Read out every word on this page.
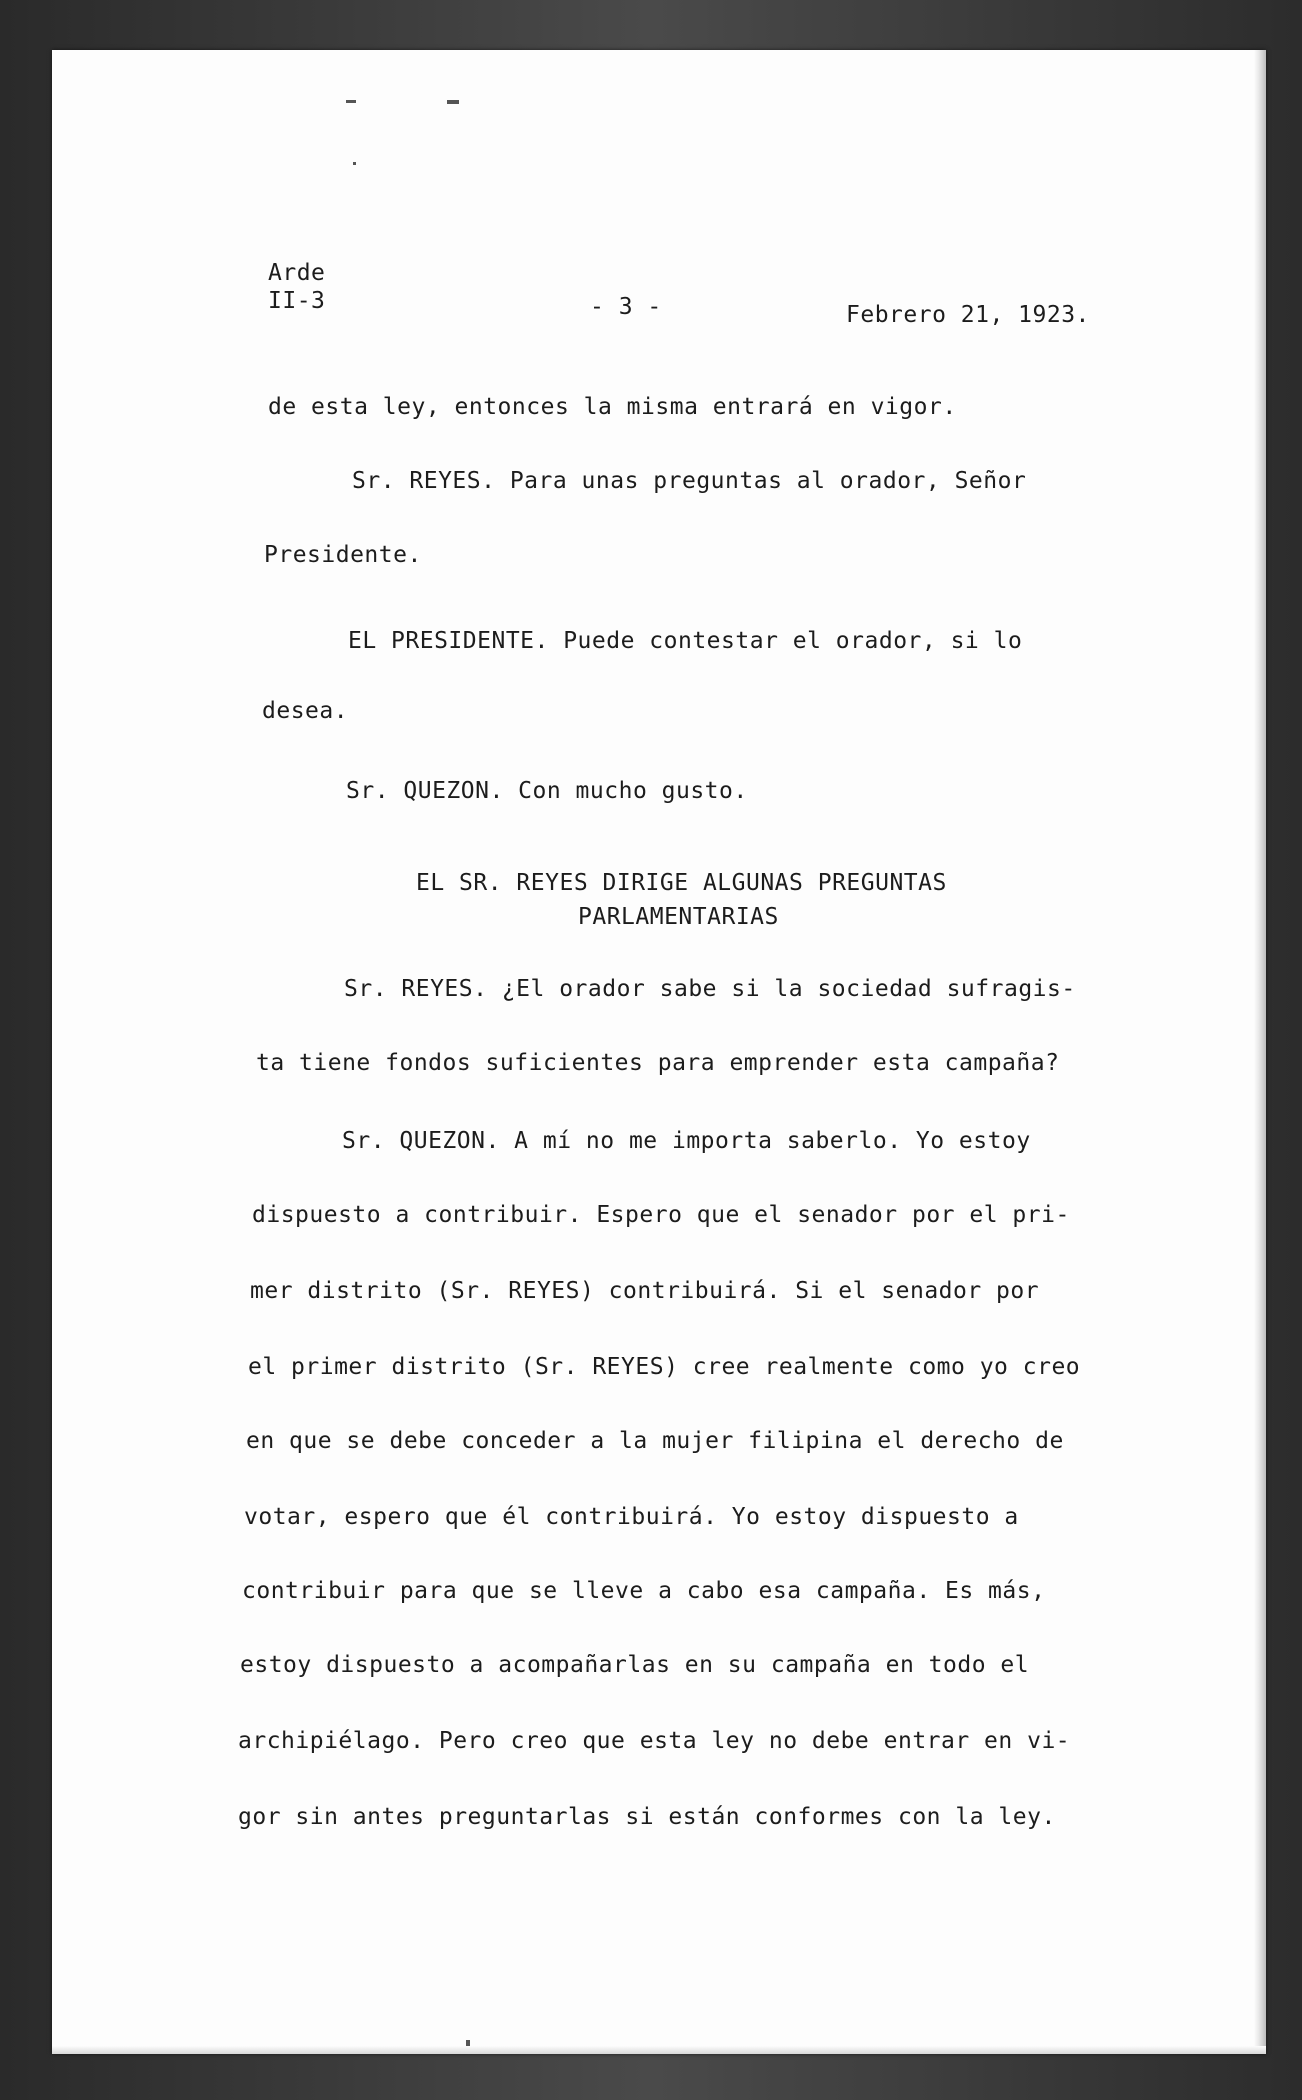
Arde
II-3	- 3 -	Febrero 21, 1923.
de esta ley, entonces la misma entrará en vigor.
Sr. REYES. Para unas preguntas al orador, Señor
Presidente.
EL PRESIDENTE. Puede contestar el orador, si lo
desea.
Sr. QUEZON. Con mucho gusto.
EL SR. REYES DIRIGE ALGUNAS PREGUNTAS
PARLAMENTARIAS
Sr. REYES. ¿El orador sabe si la sociedad sufragis-
ta tiene fondos suficientes para emprender esta campaña?
Sr. QUEZON. A mí no me importa saberlo. Yo estoy
dispuesto a contribuir. Espero que el senador por el pri-
mer distrito (Sr. REYES) contribuirá. Si el senador por
el primer distrito (Sr. REYES) cree realmente como yo creo
en que se debe conceder a la mujer filipina el derecho de
votar, espero que él contribuirá. Yo estoy dispuesto a
contribuir para que se lleve a cabo esa campaña. Es más,
estoy dispuesto a acompañarlas en su campaña en todo el
archipiélago. Pero creo que esta ley no debe entrar en vi-
gor sin antes preguntarlas si están conformes con la ley.
